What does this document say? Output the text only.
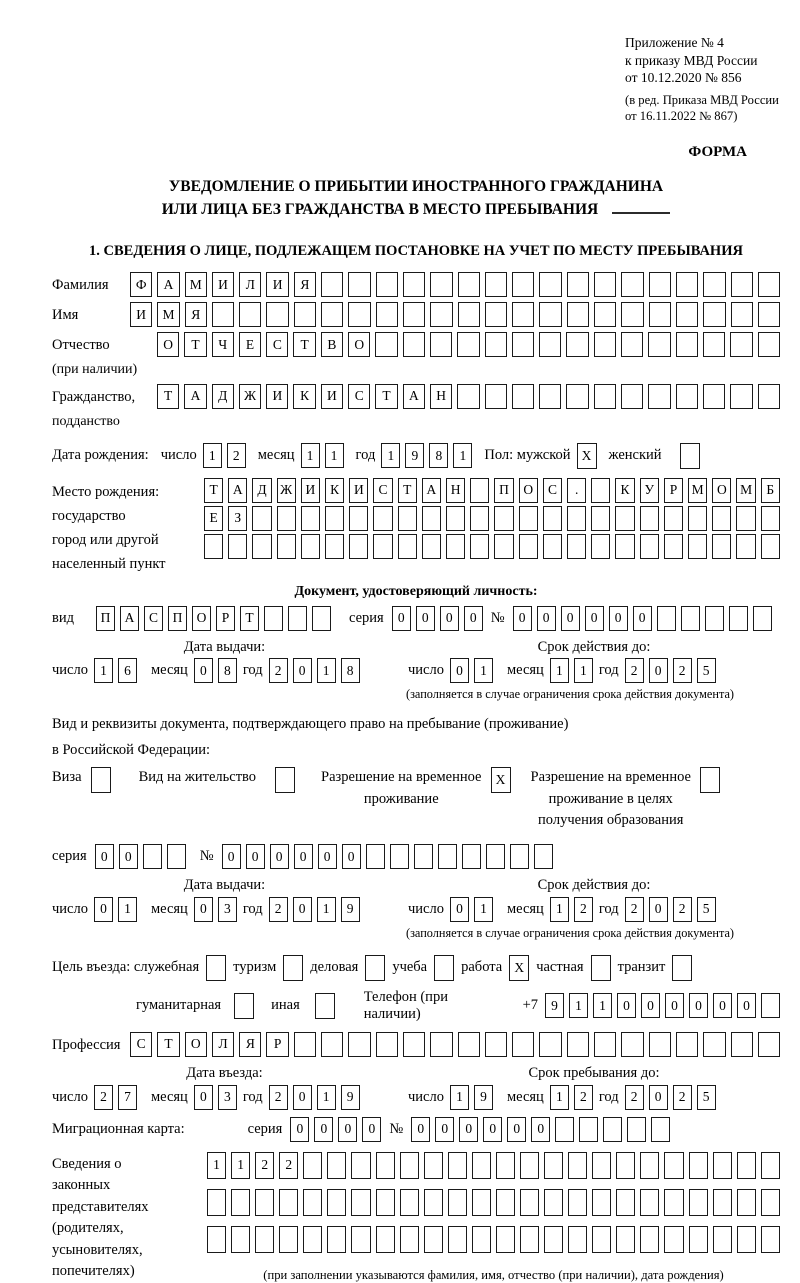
Приложение № 4
к приказу МВД России
от 10.12.2020 № 856
(в ред. Приказа МВД России
от 16.11.2022 № 867)
ФОРМА
УВЕДОМЛЕНИЕ О ПРИБЫТИИ ИНОСТРАННОГО ГРАЖДАНИНА
ИЛИ ЛИЦА БЕЗ ГРАЖДАНСТВА В МЕСТО ПРЕБЫВАНИЯ
1. СВЕДЕНИЯ О ЛИЦЕ, ПОДЛЕЖАЩЕМ ПОСТАНОВКЕ НА УЧЕТ ПО МЕСТУ ПРЕБЫВАНИЯ
Фамилия	Ф	А	М	И	Л	И	Я
Имя	И	М	Я
Отчество
(при наличии)
О	Т	Ч	Е	С	Т	В	О
Гражданство,
подданство
Т	А	Д	Ж	И	К	И	С	Т	А	Н
Дата рождения: число 1	2	месяц 1	1	год 1	9	8	1	Пол: мужской X	женский
Место рождения:
государство
город или другой
населенный пункт
Т	А	Д	Ж И	К	И	С	Т	А	Н	П	О	С	.	К	У	Р	М О М	Б
Е	З
Документ, удостоверяющий личность:
вид	П	А	С	П	О	Р	Т	серия	0	0	0	0 №	0	0	0	0	0	0
Дата выдачи:
число 1	6	месяц 0	8 год 2	0	1	8
Срок действия до:
число 0	1	месяц 1	1 год 2	0	2	5
(заполняется в случае ограничения срока действия документа)
Вид и реквизиты документа, подтверждающего право на пребывание (проживание)
в Российской Федерации:
Виза	Вид на жительство	Разрешение на временное
проживание
X	Разрешение на временное
проживание в целях
получения образования
серия	0	0	№	0	0	0	0	0	0
Дата выдачи:
число 0	1	месяц 0	3 год 2	0	1	9
Срок действия до:
число 0	1	месяц 1	2 год 2	0	2	5
(заполняется в случае ограничения срока действия документа)
Цель въезда: служебная туризм деловая учеба работа X частная транзит
гуманитарная	иная
Телефон (при наличии)
+7 9	1	1	0	0	0	0	0	0
Профессия	С	Т	О	Л	Я	Р
Дата въезда:
число 2	7	месяц 0	3 год 2	0	1	9
Срок пребывания до:
число 1	9	месяц 1	2 год 2	0	2	5
Миграционная карта:	серия	0	0	0	0 №	0	0	0	0	0	0
Сведения о
законных
представителях
(родителях,
усыновителях,
попечителях)
1	1	2	2
(при заполнении указываются фамилия, имя, отчество (при наличии), дата рождения)
